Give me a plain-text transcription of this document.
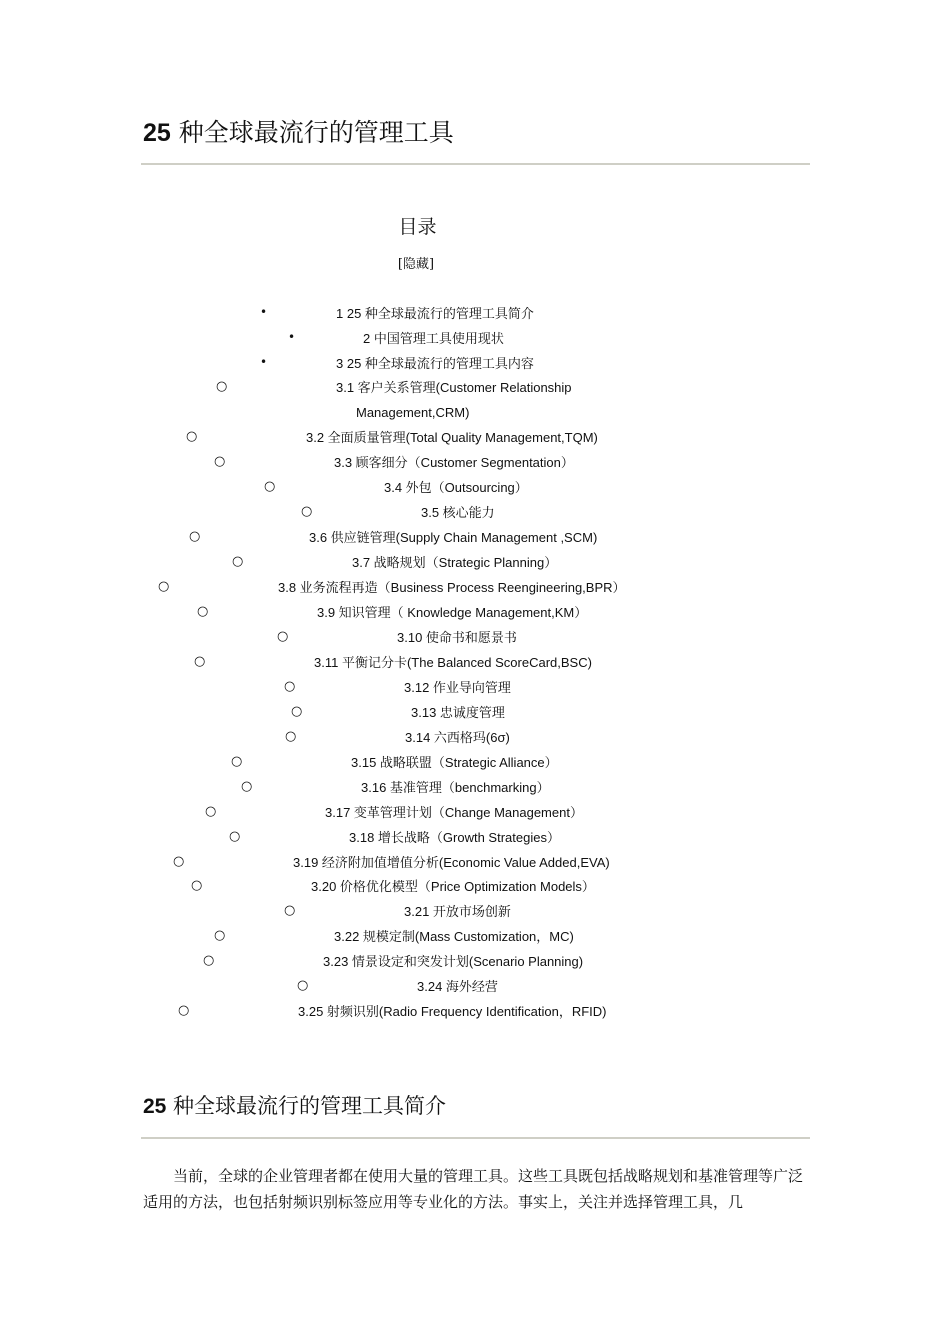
25 种全球最流行的管理工具
目录
[隐藏]
•	1 25 种全球最流行的管理工具简介
•	2 中国管理工具使用现状
•	3 25 种全球最流行的管理工具内容
○	3.1 客户关系管理(Customer Relationship
Management,CRM)
○	3.2 全面质量管理(Total Quality Management,TQM)
○	3.3 顾客细分（Customer Segmentation）
○	3.4 外包（Outsourcing）
○	3.5 核心能力
○	3.6 供应链管理(Supply Chain Management ,SCM)
○	3.7 战略规划（Strategic Planning）
○	3.8 业务流程再造（Business Process Reengineering,BPR）
○	3.9 知识管理（ Knowledge Management,KM）
○	3.10 使命书和愿景书
○	3.11 平衡记分卡(The Balanced ScoreCard,BSC)
○	3.12 作业导向管理
○	3.13 忠诚度管理
○	3.14 六西格玛(6σ)
○	3.15 战略联盟（Strategic Alliance）
○	3.16 基准管理（benchmarking）
○	3.17 变革管理计划（Change Management）
○	3.18 增长战略（Growth Strategies）
○	3.19 经济附加值增值分析(Economic Value Added,EVA)
○	3.20 价格优化模型（Price Optimization Models）
○	3.21 开放市场创新
○	3.22 规模定制(Mass Customization，MC)
○	3.23 情景设定和突发计划(Scenario Planning)
○	3.24 海外经营
○	3.25 射频识别(Radio Frequency Identification，RFID)
25 种全球最流行的管理工具简介

当前，全球的企业管理者都在使用大量的管理工具。这些工具既包括战略规划和基准管理等广泛适用的方法，也包括射频识别标签应用等专业化的方法。事实上，关注并选择管理工具，几
